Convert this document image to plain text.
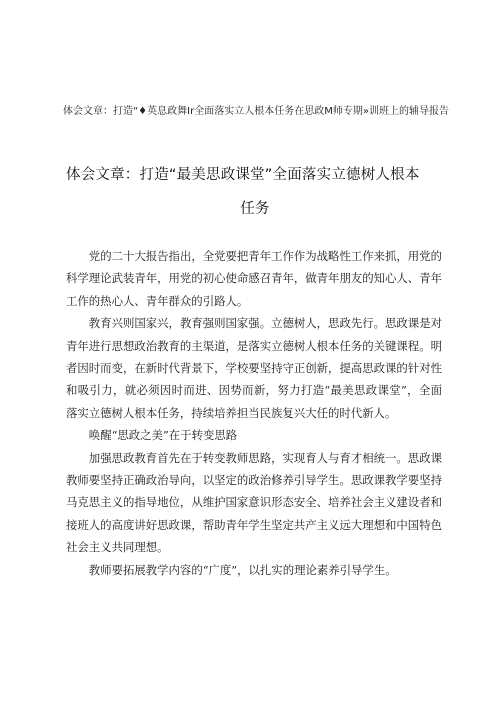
体会文章：打造“♦英息政舞Ir全面落实立人根本任务在思政M师专期»训班上的辅导报告
体会文章：打造“最美思政课堂”全面落实立德树人根本
任务

党的二十大报告指出，全党要把青年工作作为战略性工作来抓，用党的科学理论武装青年，用党的初心使命感召青年，做青年朋友的知心人、青年工作的热心人、青年群众的引路人。

教育兴则国家兴，教育强则国家强。立德树人，思政先行。思政课是对青年进行思想政治教育的主渠道，是落实立德树人根本任务的关键课程。明者因时而变，在新时代背景下，学校要坚持守正创新，提高思政课的针对性和吸引力，就必须因时而进、因势而新，努力打造“最美思政课堂”，全面落实立德树人根本任务，持续培养担当民族复兴大任的时代新人。

唤醒“思政之美”在于转变思路

加强思政教育首先在于转变教师思路，实现育人与育才相统一。思政课教师要坚持正确政治导向，以坚定的政治修养引导学生。思政课教学要坚持马克思主义的指导地位，从维护国家意识形态安全、培养社会主义建设者和接班人的高度讲好思政课，帮助青年学生坚定共产主义远大理想和中国特色社会主义共同理想。

教师要拓展教学内容的“广度”，以扎实的理论素养引导学生。
